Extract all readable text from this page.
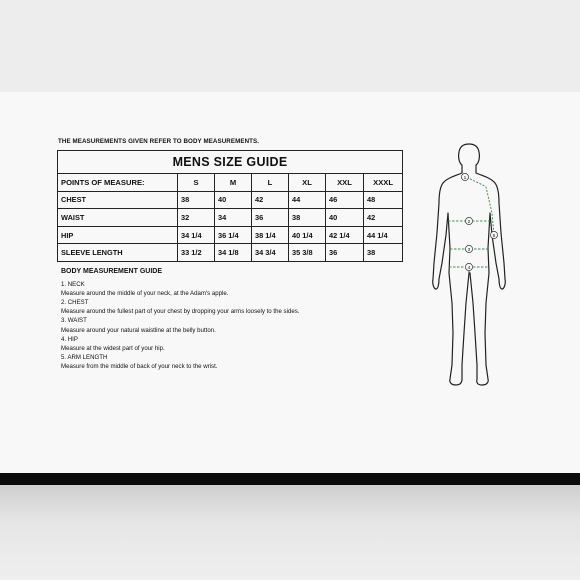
THE MEASUREMENTS GIVEN REFER TO BODY MEASUREMENTS.
MENS SIZE GUIDE						
POINTS OF MEASURE:	S	M	L	XL	XXL	XXXL
CHEST	38	40	42	44	46	48
WAIST	32	34	36	38	40	42
HIP	34 1/4	36 1/4	38 1/4	40 1/4	42 1/4	44 1/4
SLEEVE LENGTH	33 1/2	34 1/8	34 3/4	35 3/8	36	38
BODY MEASUREMENT GUIDE
1. NECK
Measure around the middle of your neck, at the Adam's apple.
2. CHEST
Measure around the fullest part of your chest by dropping your arms loosely to the sides.
3. WAIST
Measure around your natural waistline at the belly button.
4. HIP
Measure at the widest part of your hip.
5. ARM LENGTH
Measure from the middle of back of your neck to the wrist.
1
2
3
4
5
